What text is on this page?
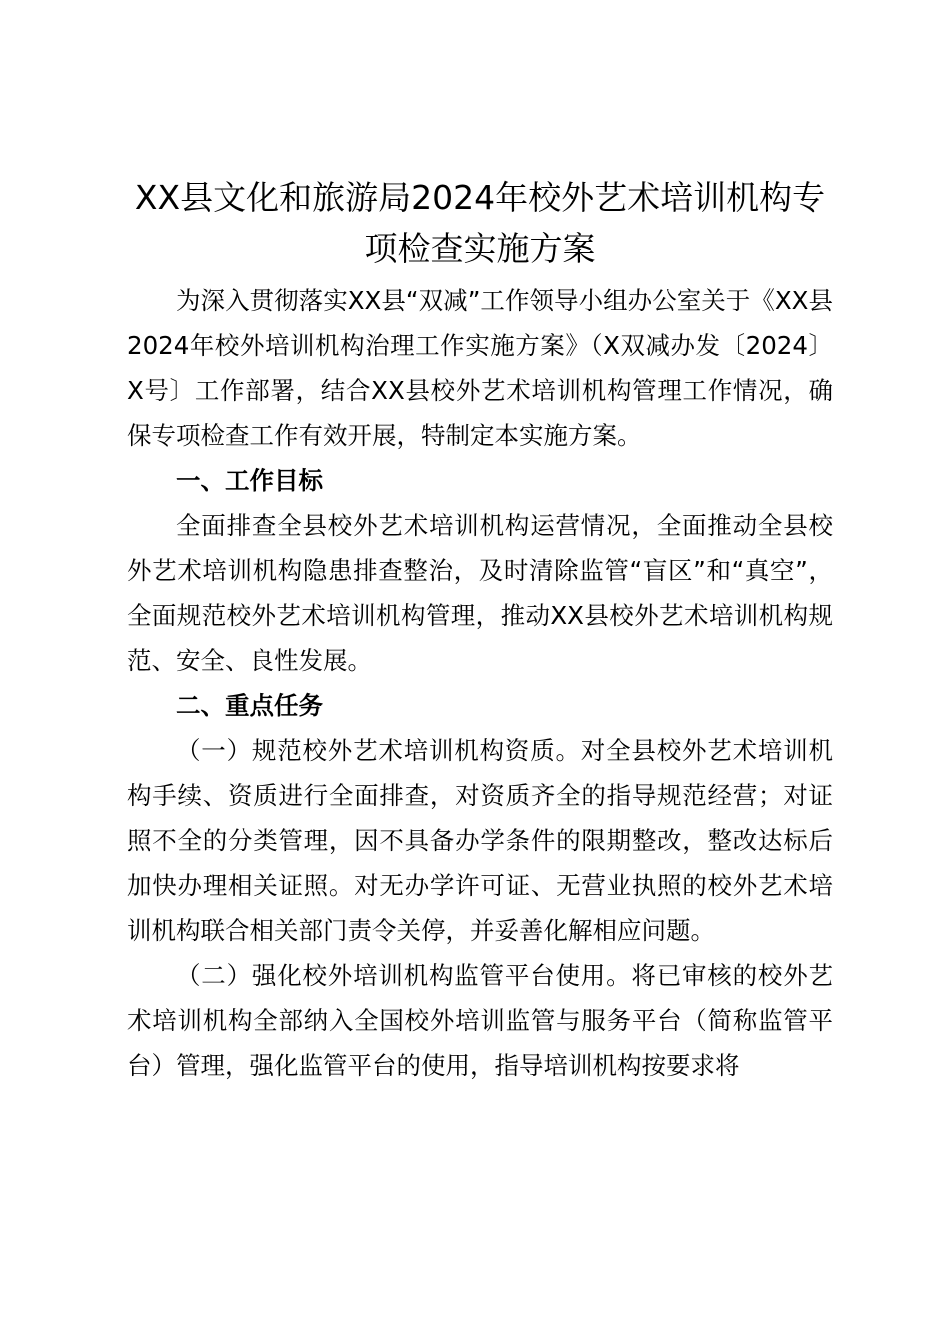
XX县文化和旅游局2024年校外艺术培训机构专项检查实施方案

为深入贯彻落实XX县“双减”工作领导小组办公室关于《XX县2024年校外培训机构治理工作实施方案》（X双减办发〔2024〕X号〕工作部署，结合XX县校外艺术培训机构管理工作情况，确保专项检查工作有效开展，特制定本实施方案。

一、工作目标

全面排查全县校外艺术培训机构运营情况，全面推动全县校外艺术培训机构隐患排查整治，及时清除监管“盲区”和“真空”，全面规范校外艺术培训机构管理，推动XX县校外艺术培训机构规范、安全、良性发展。

二、重点任务

（一）规范校外艺术培训机构资质。对全县校外艺术培训机构手续、资质进行全面排查，对资质齐全的指导规范经营；对证照不全的分类管理，因不具备办学条件的限期整改，整改达标后加快办理相关证照。对无办学许可证、无营业执照的校外艺术培训机构联合相关部门责令关停，并妥善化解相应问题。

（二）强化校外培训机构监管平台使用。将已审核的校外艺术培训机构全部纳入全国校外培训监管与服务平台（简称监管平台）管理，强化监管平台的使用，指导培训机构按要求将
